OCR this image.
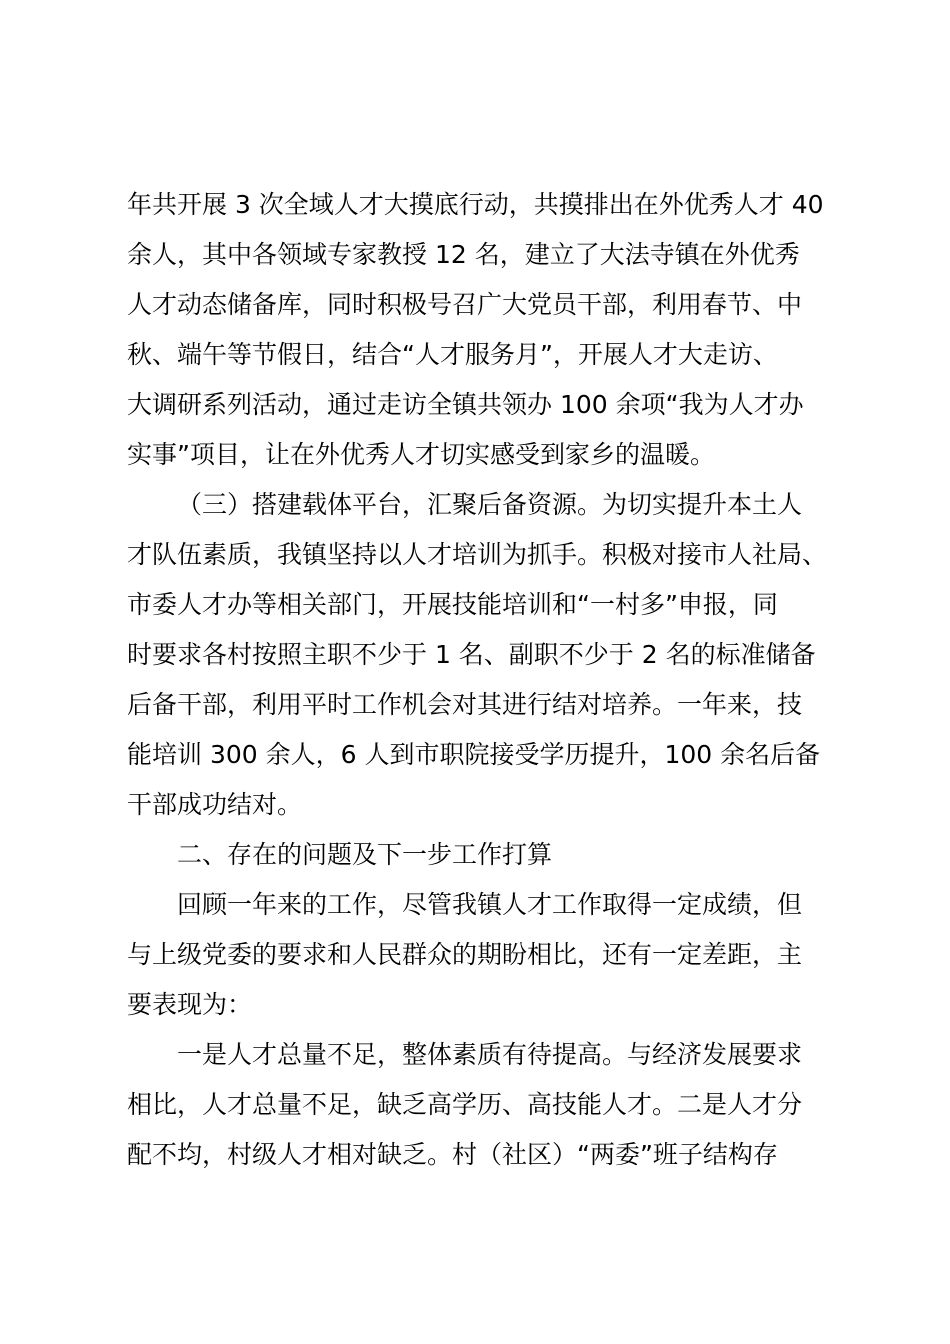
年共开展 3 次全域人才大摸底行动，共摸排出在外优秀人才 40
余人，其中各领域专家教授 12 名，建立了大法寺镇在外优秀
人才动态储备库，同时积极号召广大党员干部，利用春节、中
秋、端午等节假日，结合“人才服务月”，开展人才大走访、
大调研系列活动，通过走访全镇共领办 100 余项“我为人才办
实事”项目，让在外优秀人才切实感受到家乡的温暖。
（三）搭建载体平台，汇聚后备资源。为切实提升本土人
才队伍素质，我镇坚持以人才培训为抓手。积极对接市人社局、
市委人才办等相关部门，开展技能培训和“一村多”申报，同
时要求各村按照主职不少于 1 名、副职不少于 2 名的标准储备
后备干部，利用平时工作机会对其进行结对培养。一年来，技
能培训 300 余人，6 人到市职院接受学历提升，100 余名后备
干部成功结对。
二、存在的问题及下一步工作打算
回顾一年来的工作，尽管我镇人才工作取得一定成绩，但
与上级党委的要求和人民群众的期盼相比，还有一定差距，主
要表现为：
一是人才总量不足，整体素质有待提高。与经济发展要求
相比，人才总量不足，缺乏高学历、高技能人才。二是人才分
配不均，村级人才相对缺乏。村（社区）“两委”班子结构存
